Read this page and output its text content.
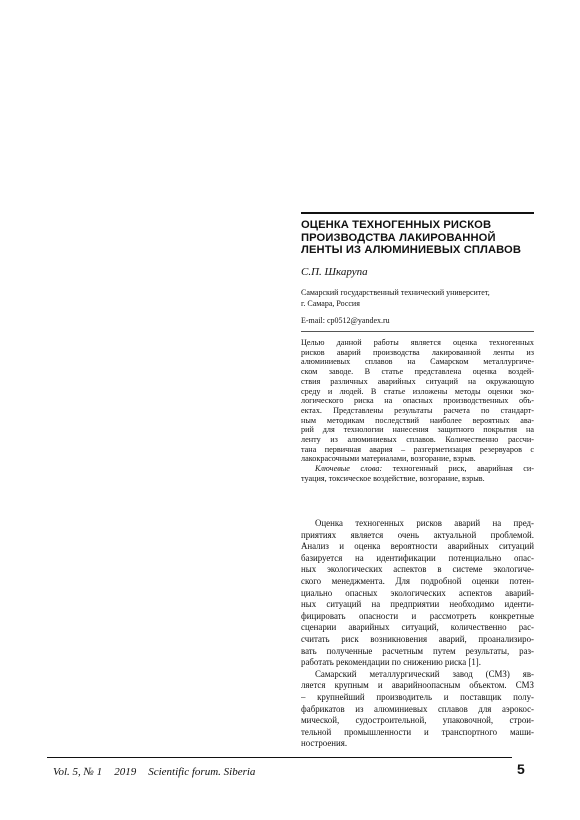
ОЦЕНКА ТЕХНОГЕННЫХ РИСКОВ
ПРОИЗВОДСТВА ЛАКИРОВАННОЙ
ЛЕНТЫ ИЗ АЛЮМИНИЕВЫХ СПЛАВОВ

С.П. Шкарупа

Самарский государственный технический университет,
г. Самара, Россия

E-mail: cp0512@yandex.ru

Целью данной работы является оценка техногенных
рисков аварий производства лакированной ленты из
алюминиевых сплавов на Самарском металлургиче-
ском заводе. В статье представлена оценка воздей-
ствия различных аварийных ситуаций на окружающую
среду и людей. В статье изложены методы оценки эко-
логического риска на опасных производственных объ-
ектах. Представлены результаты расчета по стандарт-
ным методикам последствий наиболее вероятных ава-
рий для технологии нанесения защитного покрытия на
ленту из алюминиевых сплавов. Количественно рассчи-
тана первичная авария – разгерметизация резервуаров с
лакокрасочными материалами, возгорание, взрыв.
Ключевые слова: техногенный риск, аварийная си-
туация, токсическое воздействие, возгорание, взрыв.
Оценка техногенных рисков аварий на пред-
приятиях является очень актуальной проблемой.
Анализ и оценка вероятности аварийных ситуаций
базируется на идентификации потенциально опас-
ных экологических аспектов в системе экологиче-
ского менеджмента. Для подробной оценки потен-
циально опасных экологических аспектов аварий-
ных ситуаций на предприятии необходимо иденти-
фицировать опасности и рассмотреть конкретные
сценарии аварийных ситуаций, количественно рас-
считать риск возникновения аварий, проанализиро-
вать полученные расчетным путем результаты, раз-
работать рекомендации по снижению риска [1].
Самарский металлургический завод (СМЗ) яв-
ляется крупным и аварийноопасным объектом. СМЗ
– крупнейший производитель и поставщик полу-
фабрикатов из алюминиевых сплавов для аэрокос-
мической, судостроительной, упаковочной, строи-
тельной промышленности и транспортного маши-
ностроения.
Vol. 5, № 1 2019 Scientific forum. Siberia	5
